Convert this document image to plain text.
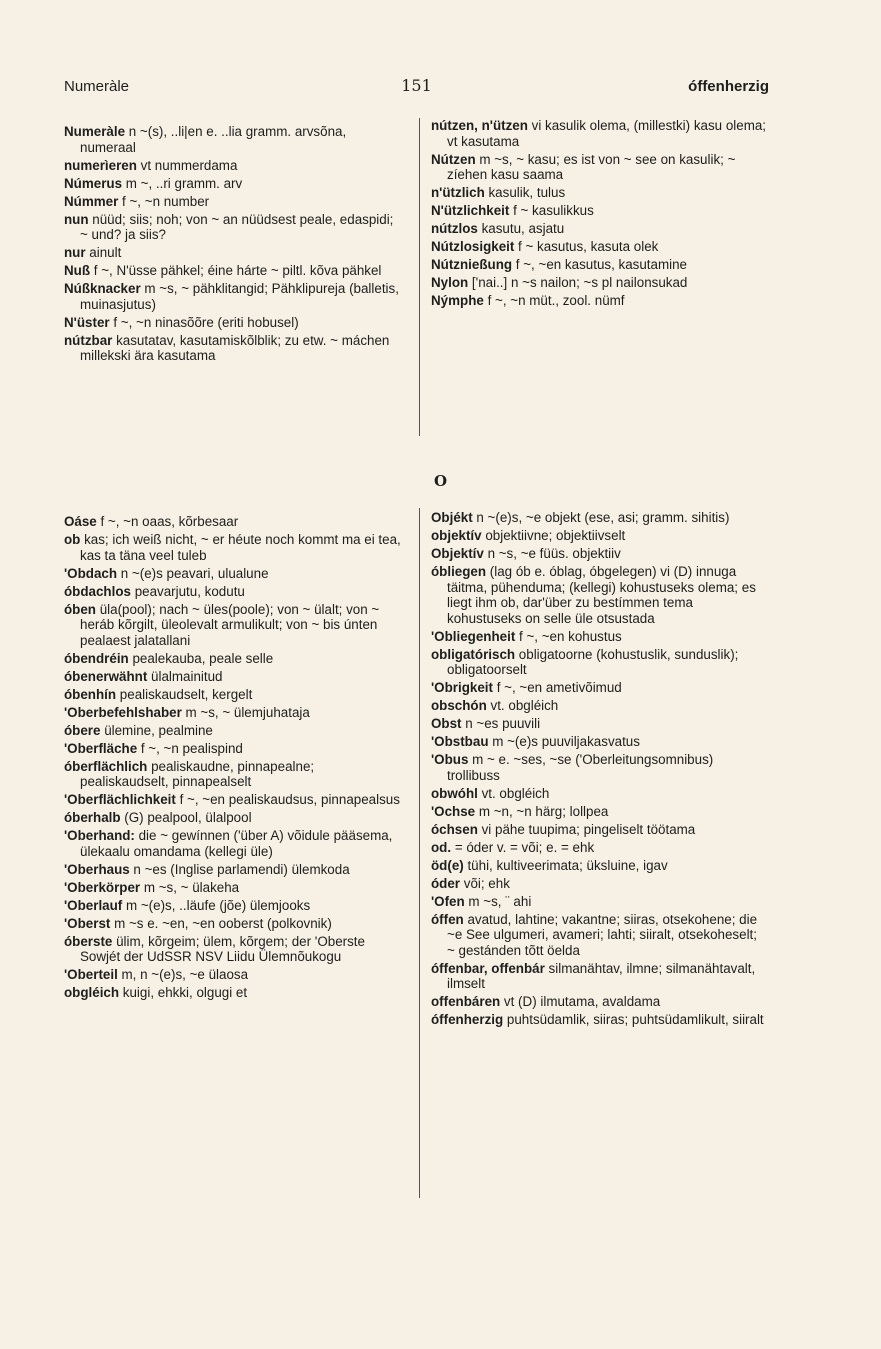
Numeràle	151	óffenherzig

Numeràle n ~(s), ..li|en e. ..lia gramm. arvsõna, numeraal

numerìeren vt nummerdama

Númerus m ~, ..ri gramm. arv

Númmer f ~, ~n number

nun nüüd; siis; noh; von ~ an nüüdsest peale, edaspidi; ~ und? ja siis?

nur ainult

Nuß f ~, N'üsse pähkel; éine hárte ~ piltl. kõva pähkel

Núßknacker m ~s, ~ pähklitangid; Pähklipureja (balletis, muinasjutus)

N'üster f ~, ~n ninasõõre (eriti hobusel)

nútzbar kasutatav, kasutamiskõlblik; zu etw. ~ máchen millekski ära kasutama

nútzen, n'ützen vi kasulik olema, (millestki) kasu olema; vt kasutama

Nútzen m ~s, ~ kasu; es ist von ~ see on kasulik; ~ zíehen kasu saama

n'ützlich kasulik, tulus

N'ützlichkeit f ~ kasulikkus

nútzlos kasutu, asjatu

Nútzlosigkeit f ~ kasutus, kasuta olek

Nútznießung f ~, ~en kasutus, kasutamine

Nylon ['nai..] n ~s nailon; ~s pl nailonsukad

Nýmphe f ~, ~n müt., zool. nümf

O

Oáse f ~, ~n oaas, kõrbesaar

ob kas; ich weiß nicht, ~ er héute noch kommt ma ei tea, kas ta täna veel tuleb

'Obdach n ~(e)s peavari, ulualune

óbdachlos peavarjutu, kodutu

óben üla(pool); nach ~ üles(poole); von ~ ülalt; von ~ heráb kõrgilt, üleolevalt armulikult; von ~ bis únten pealaest jalatallani

óbendréin pealekauba, peale selle

óbenerwähnt ülalmainitud

óbenhín pealiskaudselt, kergelt

'Oberbefehlshaber m ~s, ~ ülemjuhataja

óbere ülemine, pealmine

'Oberfläche f ~, ~n pealispind

óberflächlich pealiskaudne, pinnapealne; pealiskaudselt, pinnapealselt

'Oberflächlichkeit f ~, ~en pealiskaudsus, pinnapealsus

óberhalb (G) pealpool, ülalpool

'Oberhand: die ~ gewínnen ('über A) võidule pääsema, ülekaalu omandama (kellegi üle)

'Oberhaus n ~es (Inglise parlamendi) ülemkoda

'Oberkörper m ~s, ~ ülakeha

'Oberlauf m ~(e)s, ..läufe (jõe) ülemjooks

'Oberst m ~s e. ~en, ~en ooberst (polkovnik)

óberste ülim, kõrgeim; ülem, kõrgem; der 'Oberste Sowjét der UdSSR NSV Liidu Ülemnõukogu

'Oberteil m, n ~(e)s, ~e ülaosa

obgléich kuigi, ehkki, olgugi et

Objékt n ~(e)s, ~e objekt (ese, asi; gramm. sihitis)

objektív objektiivne; objektiivselt

Objektív n ~s, ~e füüs. objektiiv

óbliegen (lag ób e. óblag, óbgelegen) vi (D) innuga täitma, pühenduma; (kellegi) kohustuseks olema; es liegt ihm ob, dar'über zu bestímmen tema kohustuseks on selle üle otsustada

'Obliegenheit f ~, ~en kohustus

obligatórisch obligatoorne (kohustuslik, sunduslik); obligatoorselt

'Obrigkeit f ~, ~en ametivõimud

obschón vt. obgléich

Obst n ~es puuvili

'Obstbau m ~(e)s puuviljakasvatus

'Obus m ~ e. ~ses, ~se ('Oberleitungsomnibus) trollibuss

obwóhl vt. obgléich

'Ochse m ~n, ~n härg; lollpea

óchsen vi pähe tuupima; pingeliselt töötama

od. = óder v. = või; e. = ehk

öd(e) tühi, kultiveerimata; üksluine, igav

óder või; ehk

'Ofen m ~s, ¨ ahi

óffen avatud, lahtine; vakantne; siiras, otsekohene; die ~e See ulgumeri, avameri; lahti; siiralt, otsekoheselt; ~ gestánden tõtt öelda

óffenbar, offenbár silmanähtav, ilmne; silmanähtavalt, ilmselt

offenbáren vt (D) ilmutama, avaldama

óffenherzig puhtsüdamlik, siiras; puhtsüdamlikult, siiralt
